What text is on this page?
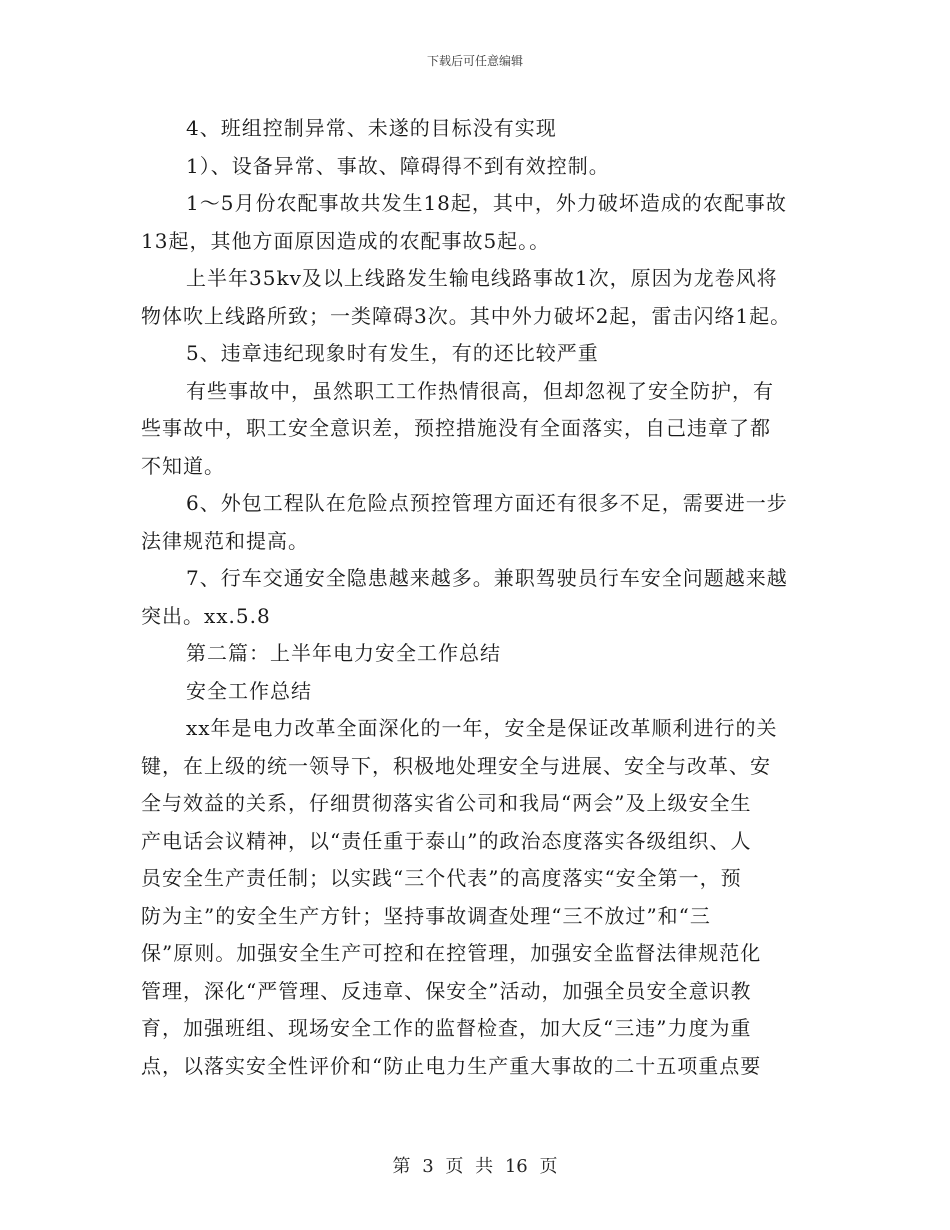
下载后可任意编辑

4、班组控制异常、未遂的目标没有实现

1）、设备异常、事故、障碍得不到有效控制。

1～5月份农配事故共发生18起，其中，外力破坏造成的农配事故

13起，其他方面原因造成的农配事故5起。。

上半年35kv及以上线路发生输电线路事故1次，原因为龙卷风将

物体吹上线路所致；一类障碍3次。其中外力破坏2起，雷击闪络1起。

5、违章违纪现象时有发生，有的还比较严重

有些事故中，虽然职工工作热情很高，但却忽视了安全防护，有

些事故中，职工安全意识差，预控措施没有全面落实，自己违章了都

不知道。

6、外包工程队在危险点预控管理方面还有很多不足，需要进一步

法律规范和提高。

7、行车交通安全隐患越来越多。兼职驾驶员行车安全问题越来越

突出。xx.5.8

第二篇：上半年电力安全工作总结

安全工作总结

xx年是电力改革全面深化的一年，安全是保证改革顺利进行的关

键，在上级的统一领导下，积极地处理安全与进展、安全与改革、安

全与效益的关系，仔细贯彻落实省公司和我局“两会”及上级安全生

产电话会议精神，以“责任重于泰山”的政治态度落实各级组织、人

员安全生产责任制；以实践“三个代表”的高度落实“安全第一，预

防为主”的安全生产方针；坚持事故调查处理“三不放过”和“三

保”原则。加强安全生产可控和在控管理，加强安全监督法律规范化

管理，深化“严管理、反违章、保安全”活动，加强全员安全意识教

育，加强班组、现场安全工作的监督检查，加大反“三违”力度为重

点，以落实安全性评价和“防止电力生产重大事故的二十五项重点要

第 3 页 共 16 页
